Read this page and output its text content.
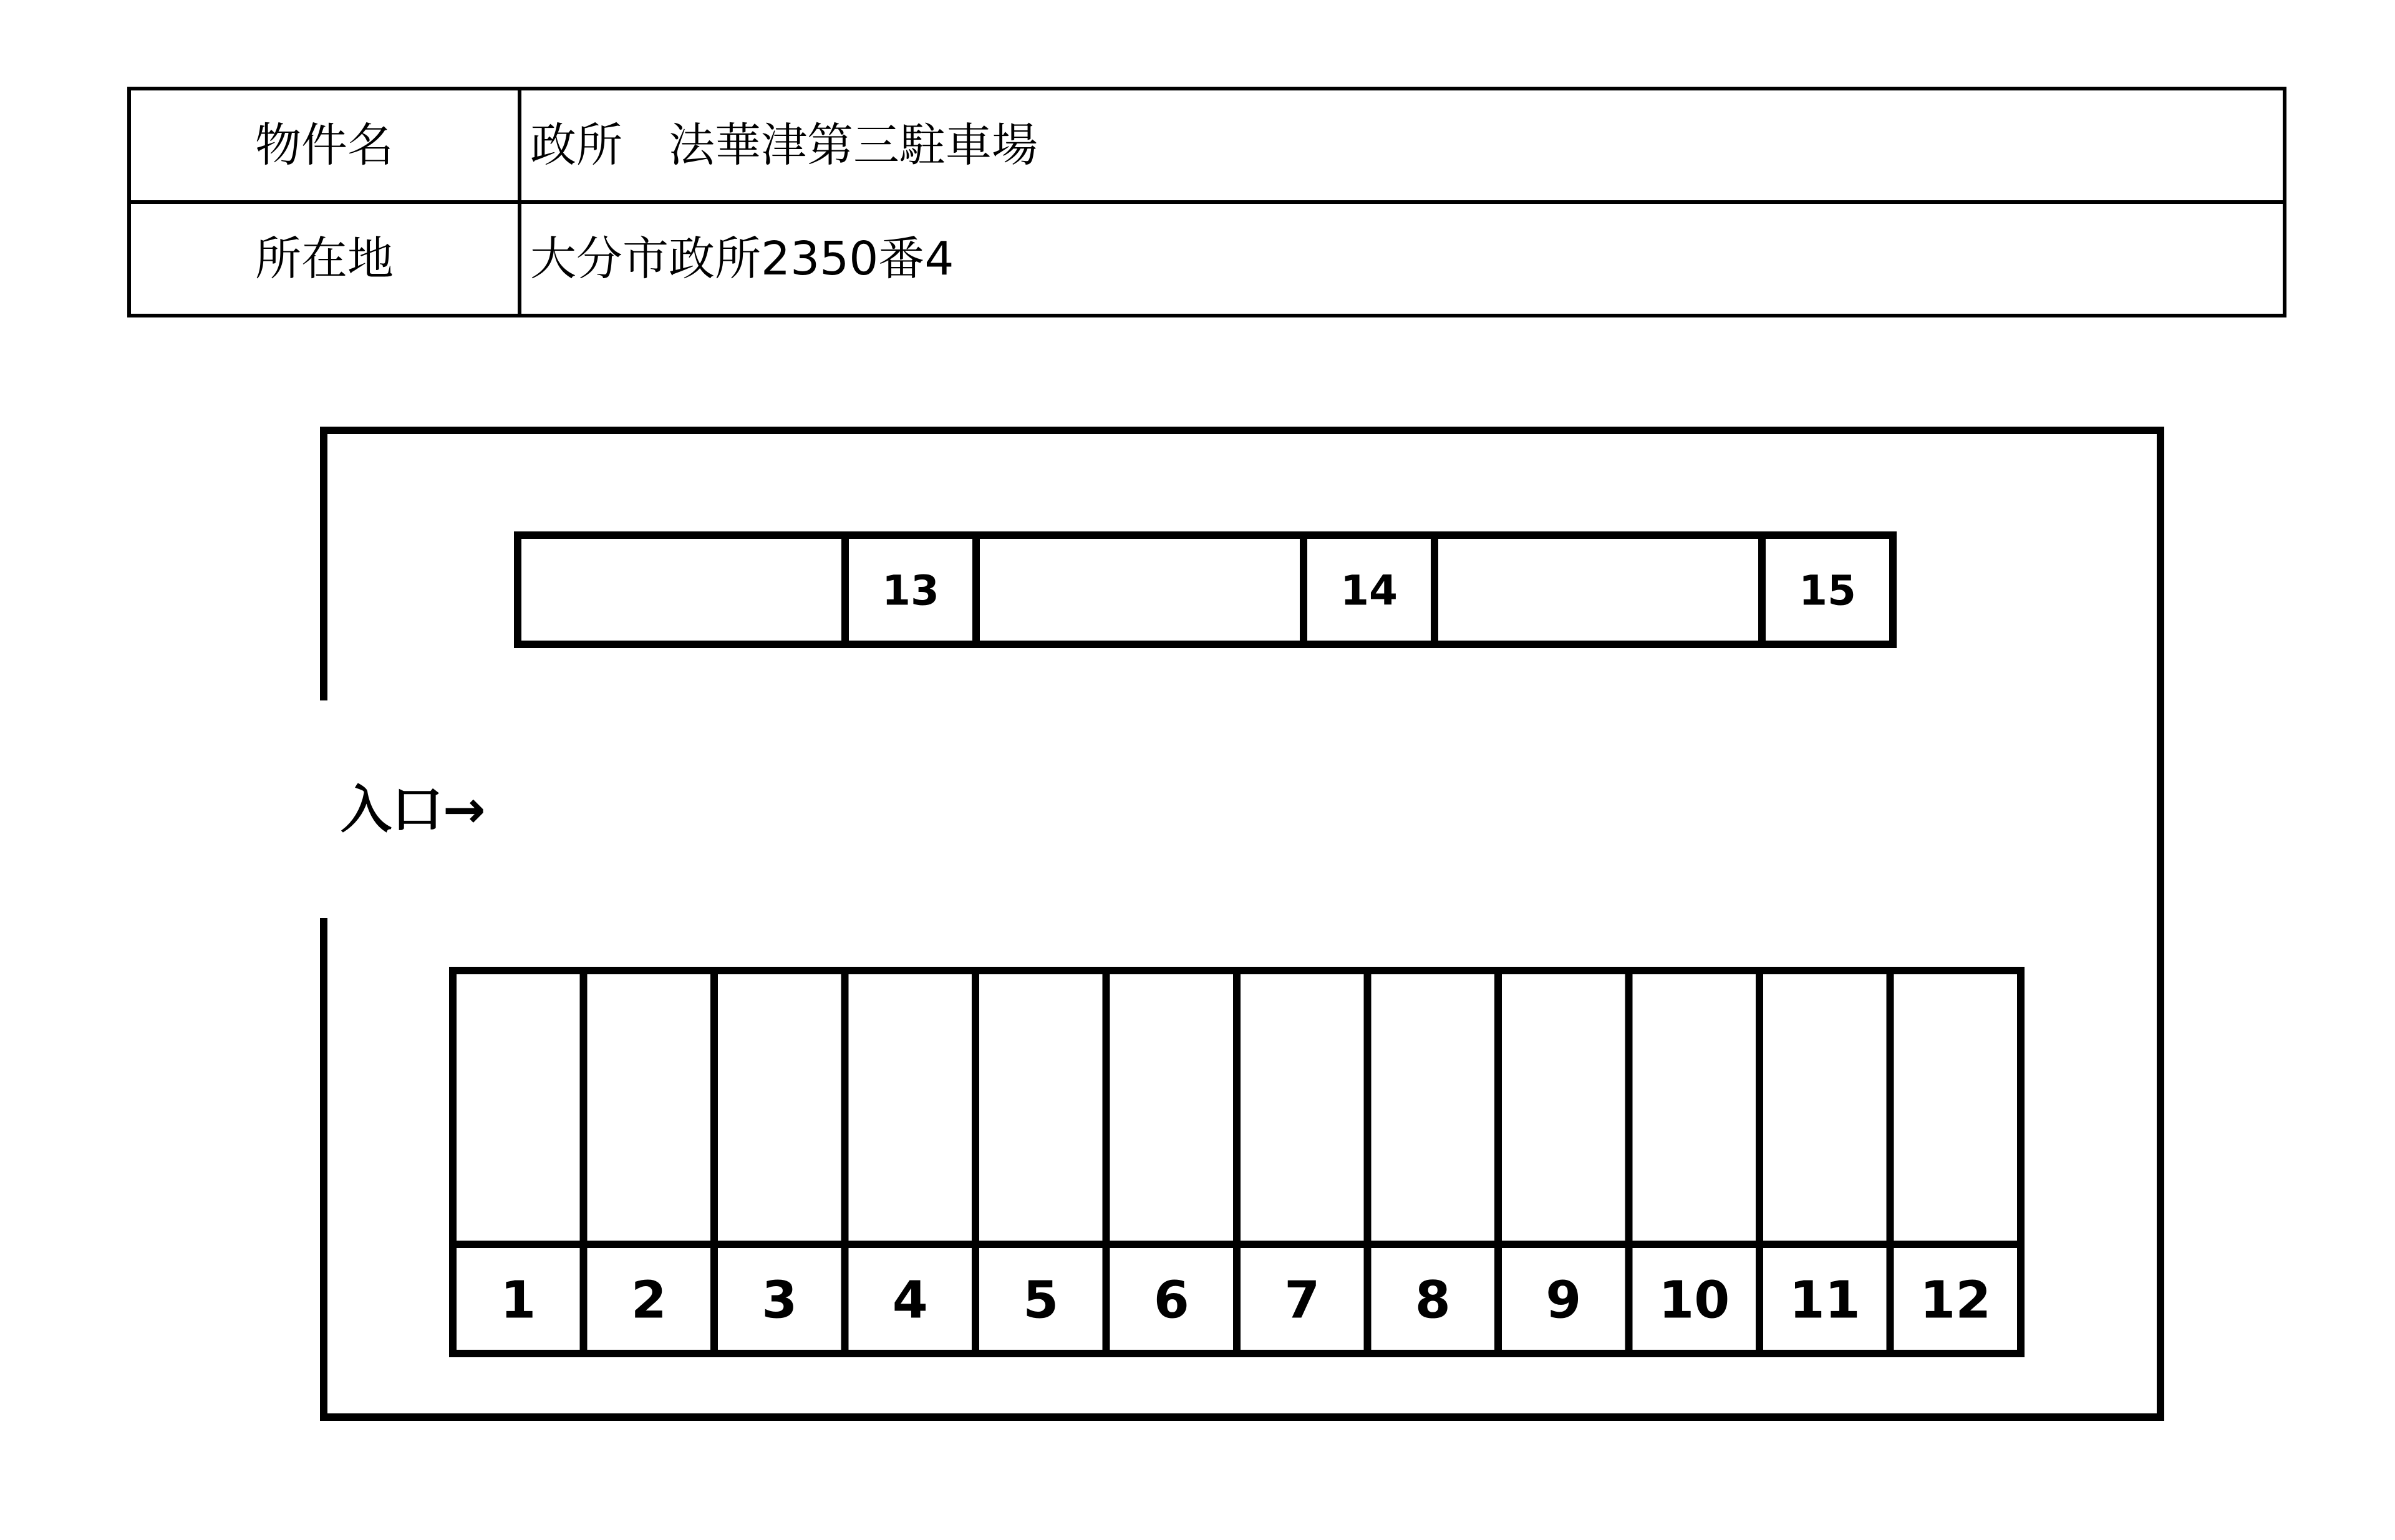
物件名	政所　法華津第三駐車場
所在地	大分市政所2350番4
入口→
13	14	15
1 2 3 4 5 6 7 8 9 10 11 12
